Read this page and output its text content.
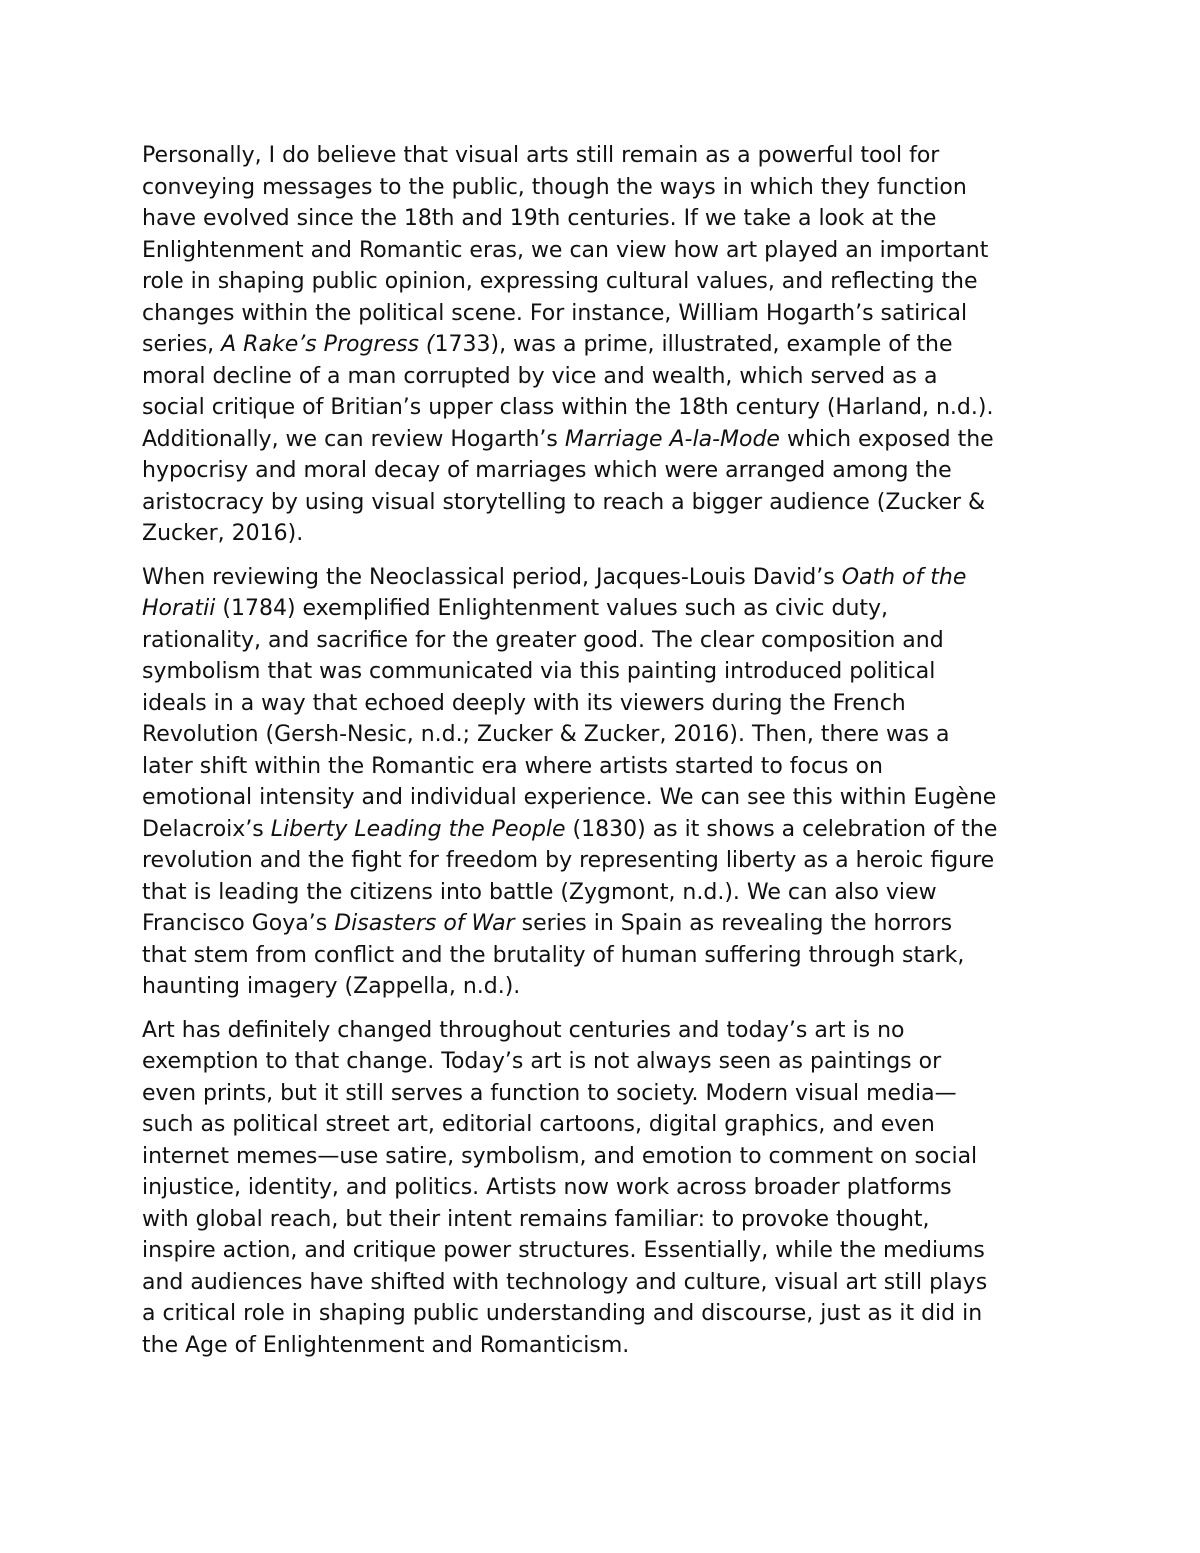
Personally, I do believe that visual arts still remain as a powerful tool for
conveying messages to the public, though the ways in which they function
have evolved since the 18th and 19th centuries. If we take a look at the
Enlightenment and Romantic eras, we can view how art played an important
role in shaping public opinion, expressing cultural values, and reflecting the
changes within the political scene. For instance, William Hogarth’s satirical
series, A Rake’s Progress (1733), was a prime, illustrated, example of the
moral decline of a man corrupted by vice and wealth, which served as a
social critique of Britian’s upper class within the 18th century (Harland, n.d.).
Additionally, we can review Hogarth’s Marriage A-la-Mode which exposed the
hypocrisy and moral decay of marriages which were arranged among the
aristocracy by using visual storytelling to reach a bigger audience (Zucker &
Zucker, 2016).

When reviewing the Neoclassical period, Jacques-Louis David’s Oath of the
Horatii (1784) exemplified Enlightenment values such as civic duty,
rationality, and sacrifice for the greater good. The clear composition and
symbolism that was communicated via this painting introduced political
ideals in a way that echoed deeply with its viewers during the French
Revolution (Gersh-Nesic, n.d.; Zucker & Zucker, 2016). Then, there was a
later shift within the Romantic era where artists started to focus on
emotional intensity and individual experience. We can see this within Eugène
Delacroix’s Liberty Leading the People (1830) as it shows a celebration of the
revolution and the fight for freedom by representing liberty as a heroic figure
that is leading the citizens into battle (Zygmont, n.d.). We can also view
Francisco Goya’s Disasters of War series in Spain as revealing the horrors
that stem from conflict and the brutality of human suffering through stark,
haunting imagery (Zappella, n.d.).

Art has definitely changed throughout centuries and today’s art is no
exemption to that change. Today’s art is not always seen as paintings or
even prints, but it still serves a function to society. Modern visual media—
such as political street art, editorial cartoons, digital graphics, and even
internet memes—use satire, symbolism, and emotion to comment on social
injustice, identity, and politics. Artists now work across broader platforms
with global reach, but their intent remains familiar: to provoke thought,
inspire action, and critique power structures. Essentially, while the mediums
and audiences have shifted with technology and culture, visual art still plays
a critical role in shaping public understanding and discourse, just as it did in
the Age of Enlightenment and Romanticism.
